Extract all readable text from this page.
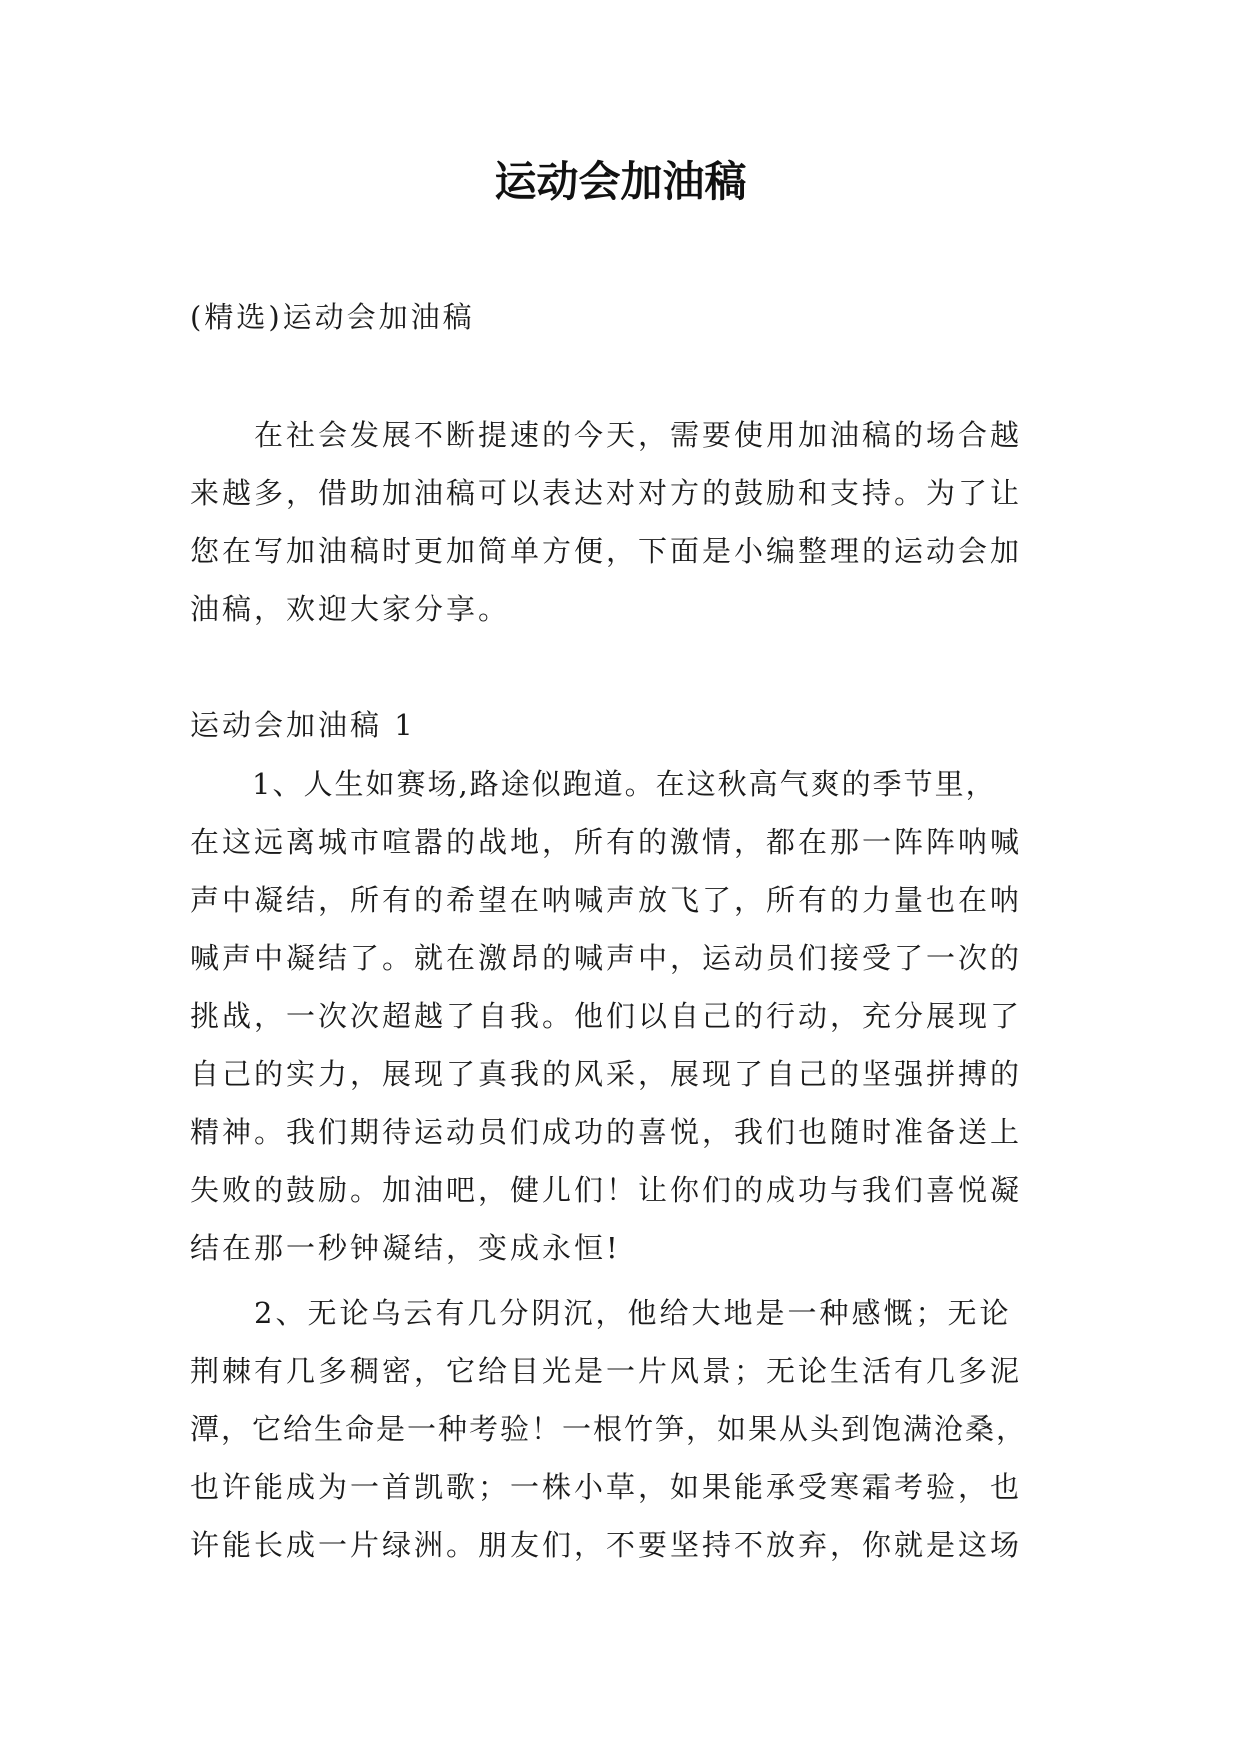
运动会加油稿
(精选)运动会加油稿
　　在社会发展不断提速的今天，需要使用加油稿的场合越
来越多，借助加油稿可以表达对对方的鼓励和支持。为了让
您在写加油稿时更加简单方便，下面是小编整理的运动会加
油稿，欢迎大家分享。
运动会加油稿 1
　　1、人生如赛场,路途似跑道。在这秋高气爽的季节里，
在这远离城市喧嚣的战地，所有的激情，都在那一阵阵呐喊
声中凝结，所有的希望在呐喊声放飞了，所有的力量也在呐
喊声中凝结了。就在激昂的喊声中，运动员们接受了一次的
挑战，一次次超越了自我。他们以自己的行动，充分展现了
自己的实力，展现了真我的风采，展现了自己的坚强拼搏的
精神。我们期待运动员们成功的喜悦，我们也随时准备送上
失败的鼓励。加油吧，健儿们！让你们的成功与我们喜悦凝
结在那一秒钟凝结，变成永恒!
　　2、无论乌云有几分阴沉，他给大地是一种感慨；无论
荆棘有几多稠密，它给目光是一片风景；无论生活有几多泥
潭，它给生命是一种考验！一根竹笋，如果从头到饱满沧桑，
也许能成为一首凯歌；一株小草，如果能承受寒霜考验，也
许能长成一片绿洲。朋友们，不要坚持不放弃，你就是这场
